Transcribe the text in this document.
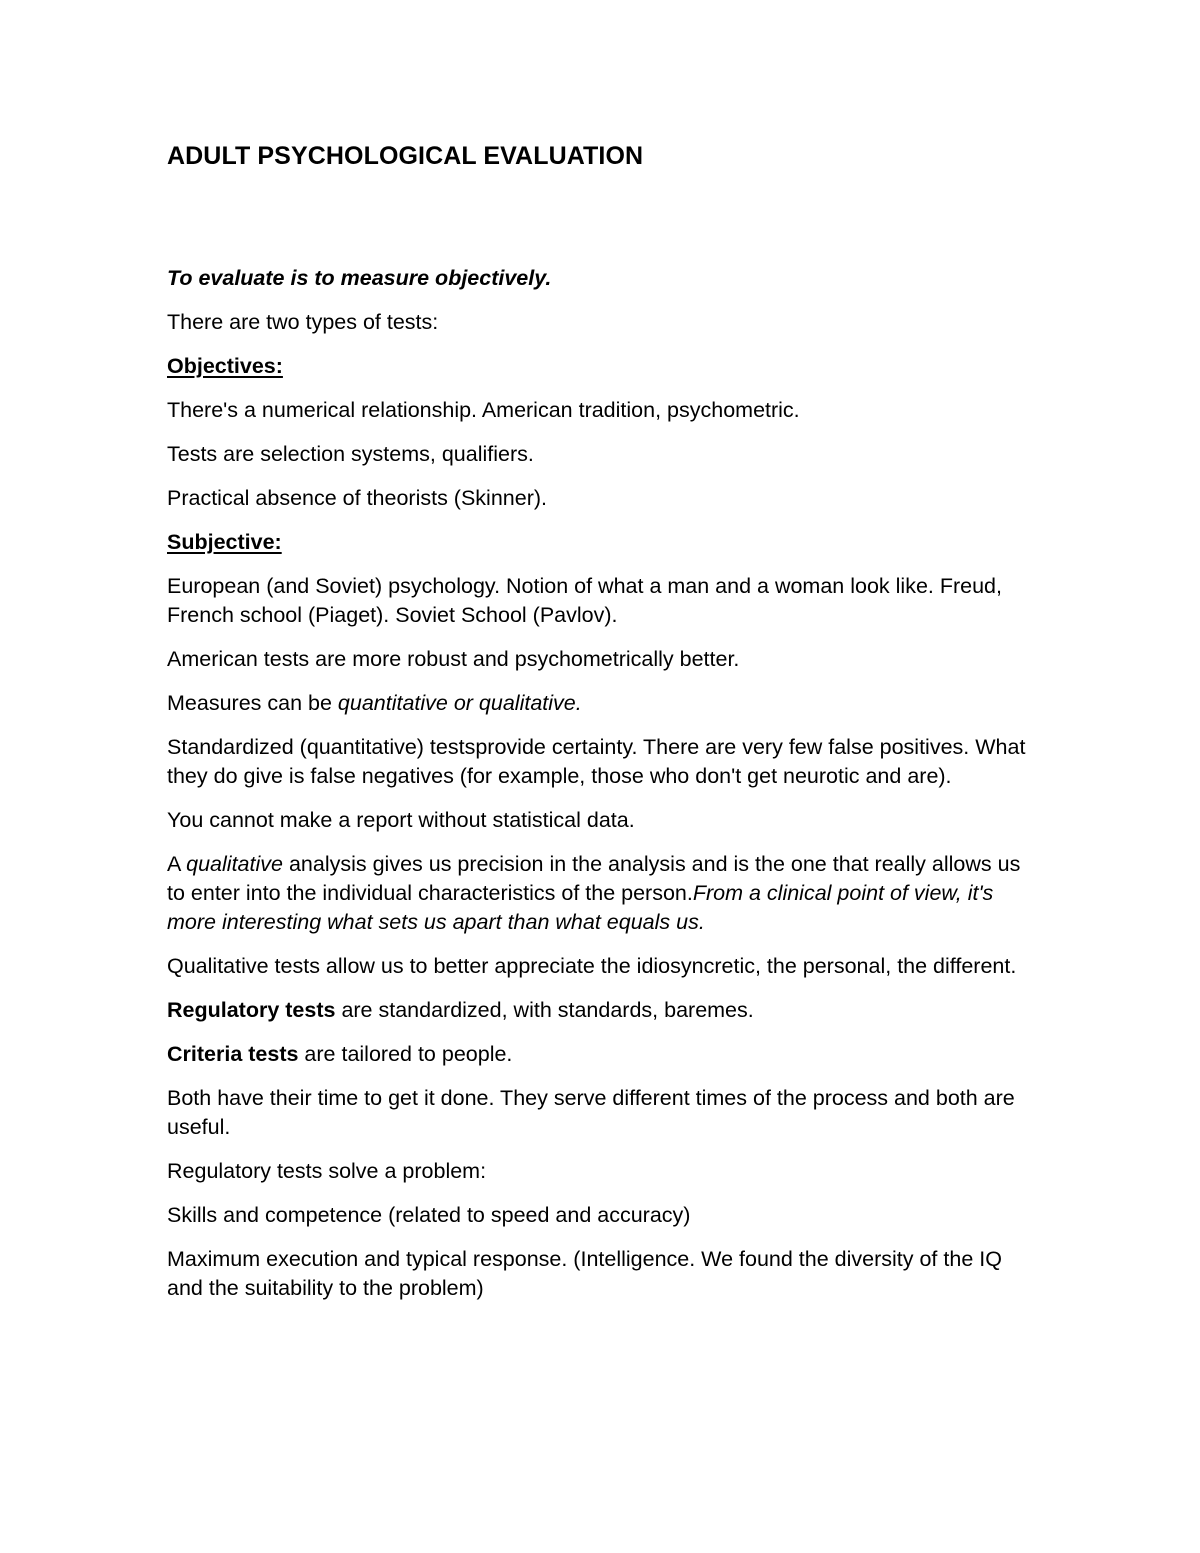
ADULT PSYCHOLOGICAL EVALUATION

To evaluate is to measure objectively.

There are two types of tests:

Objectives:

There's a numerical relationship. American tradition, psychometric.

Tests are selection systems, qualifiers.

Practical absence of theorists (Skinner).

Subjective:

European (and Soviet) psychology. Notion of what a man and a woman look like. Freud, French school (Piaget). Soviet School (Pavlov).

American tests are more robust and psychometrically better.

Measures can be quantitative or qualitative.

Standardized (quantitative) testsprovide certainty. There are very few false positives. What they do give is false negatives (for example, those who don't get neurotic and are).

You cannot make a report without statistical data.

A qualitative analysis gives us precision in the analysis and is the one that really allows us to enter into the individual characteristics of the person.From a clinical point of view, it's more interesting what sets us apart than what equals us.

Qualitative tests allow us to better appreciate the idiosyncretic, the personal, the different.

Regulatory tests are standardized, with standards, baremes.

Criteria tests are tailored to people.

Both have their time to get it done. They serve different times of the process and both are useful.

Regulatory tests solve a problem:

Skills and competence (related to speed and accuracy)

Maximum execution and typical response. (Intelligence. We found the diversity of the IQ and the suitability to the problem)
